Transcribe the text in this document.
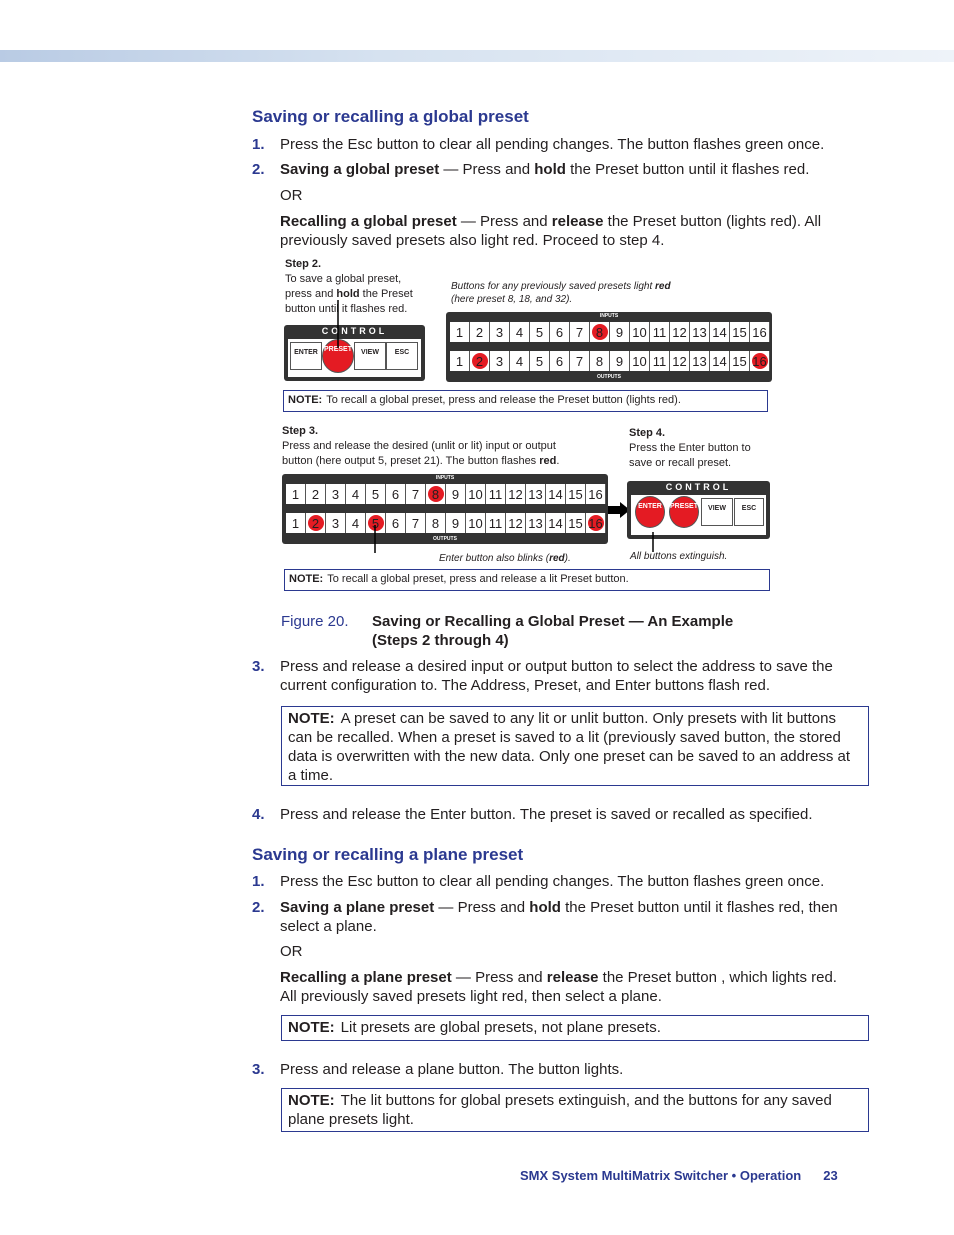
Saving or recalling a global preset
1. Press the Esc button to clear all pending changes. The button flashes green once.
2. Saving a global preset — Press and hold the Preset button until it flashes red.
OR
Recalling a global preset — Press and release the Preset button (lights red). All previously saved presets also light red. Proceed to step 4.
Step 2.
To save a global preset,
press and hold the Preset
button until it flashes red.
Buttons for any previously saved presets light red
(here preset 8, 18, and 32).
CONTROL
ENTER PRESET	VIEW	ESC
INPUTS
1 2 3 4 5 6 7 8 9 10 11 12 13 14 15 16
1 2 3 4 5 6 7 8 9 10 11 12 13 14 15 16
OUTPUTS
NOTE: To recall a global preset, press and release the Preset button (lights red).
Step 3.
Press and release the desired (unlit or lit) input or output
button (here output 5, preset 21). The button flashes red.
Step 4.
Press the Enter button to
save or recall preset.
INPUTS
1 2 3 4 5 6 7 8 9 10 11 12 13 14 15 16
1 2 3 4 5 6 7 8 9 10 11 12 13 14 15 16
OUTPUTS
CONTROL
ENTER	PRESET	VIEW	ESC
Enter button also blinks (red).	All buttons extinguish.
NOTE: To recall a global preset, press and release a lit Preset button.
Figure 20. Saving or Recalling a Global Preset — An Example
(Steps 2 through 4)
3. Press and release a desired input or output button to select the address to save the current configuration to. The Address, Preset, and Enter buttons flash red.
NOTE: A preset can be saved to any lit or unlit button. Only presets with lit buttons can be recalled. When a preset is saved to a lit (previously saved button, the stored data is overwritten with the new data. Only one preset can be saved to an address at a time.
4. Press and release the Enter button. The preset is saved or recalled as specified.
Saving or recalling a plane preset
1. Press the Esc button to clear all pending changes. The button flashes green once.
2. Saving a plane preset — Press and hold the Preset button until it flashes red, then select a plane.
OR
Recalling a plane preset — Press and release the Preset button , which lights red. All previously saved presets light red, then select a plane.
NOTE: Lit presets are global presets, not plane presets.
3. Press and release a plane button. The button lights.
NOTE: The lit buttons for global presets extinguish, and the buttons for any saved plane presets light.
SMX System MultiMatrix Switcher • Operation 23
